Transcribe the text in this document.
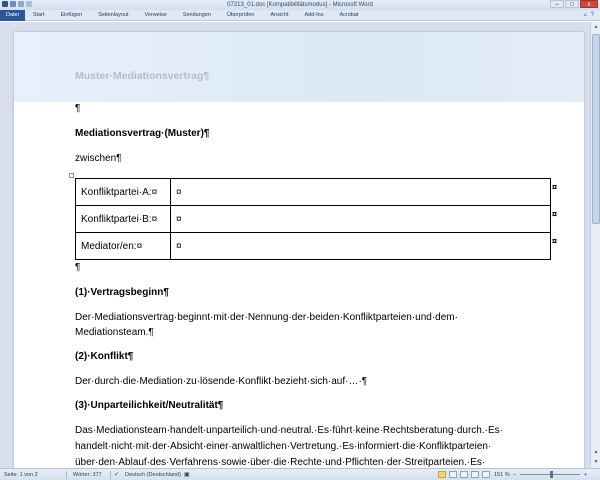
07213_01.doc [Kompatibilitätsmodus] - Microsoft Word	–	□	x
Datei	Start	Einfügen	Seitenlayout	Verweise	Sendungen	Überprüfen	Ansicht	Add-Ins	Acrobat	▵ ?
Muster·Mediationsvertrag¶
¶
Mediationsvertrag·(Muster)¶
zwischen¶
Konfliktpartei·A:¤	¤
Konfliktpartei·B:¤	¤
Mediator/en:¤	¤
¤
¤
¤
¶
(1)·Vertragsbeginn¶
Der·Mediationsvertrag·beginnt·mit·der·Nennung·der·beiden·Konfliktparteien·und·dem·
Mediationsteam.¶
(2)·Konflikt¶
Der·durch·die·Mediation·zu·lösende·Konflikt·bezieht·sich·auf·…·¶
(3)·Unparteilichkeit/Neutralität¶
Das·Mediationsteam·handelt·unparteilich·und·neutral.·Es·führt·keine·Rechtsberatung·durch.·Es·
handelt·nicht·mit·der·Absicht·einer·anwaltlichen·Vertretung.·Es·informiert·die·Konfliktparteien·
über·den·Ablauf·des·Verfahrens·sowie·über·die·Rechte·und·Pflichten·der·Streitparteien.·Es·
▲
▲
▼
Seite: 1 von 2	Wörter: 377 ✓ Deutsch (Deutschland) ▣	151 % –	+
